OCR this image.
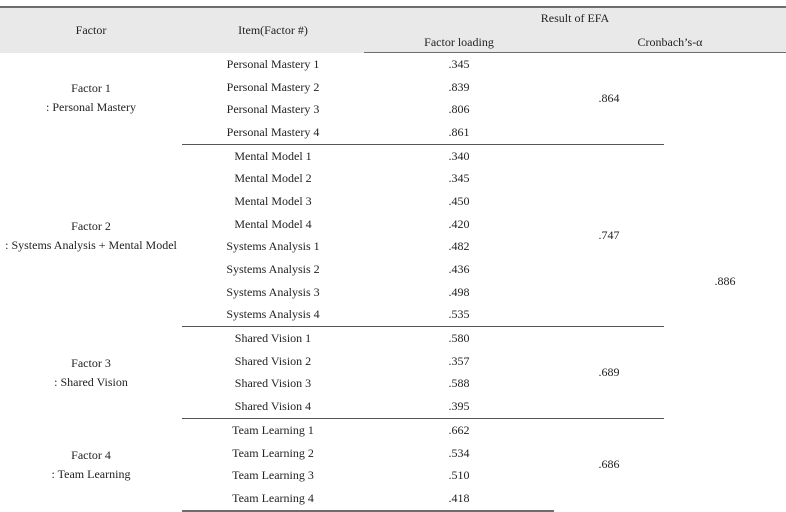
Factor	Item(Factor #)	Result of EFA		
		Factor loading	Cronbach’s-α	

Factor 1
: Personal Mastery	Personal Mastery 1	.345	.864	.886
	Personal Mastery 2	.839		
	Personal Mastery 3	.806		
	Personal Mastery 4	.861		

Factor 2
: Systems Analysis + Mental Model	Mental Model 1	.340	.747	
	Mental Model 2	.345		
	Mental Model 3	.450		
	Mental Model 4	.420		
	Systems Analysis 1	.482		
	Systems Analysis 2	.436		
	Systems Analysis 3	.498		
	Systems Analysis 4	.535		

Factor 3
: Shared Vision	Shared Vision 1	.580	.689	
	Shared Vision 2	.357		
	Shared Vision 3	.588		
	Shared Vision 4	.395		

Factor 4
: Team Learning	Team Learning 1	.662	.686	
	Team Learning 2	.534		
	Team Learning 3	.510		
	Team Learning 4	.418		
